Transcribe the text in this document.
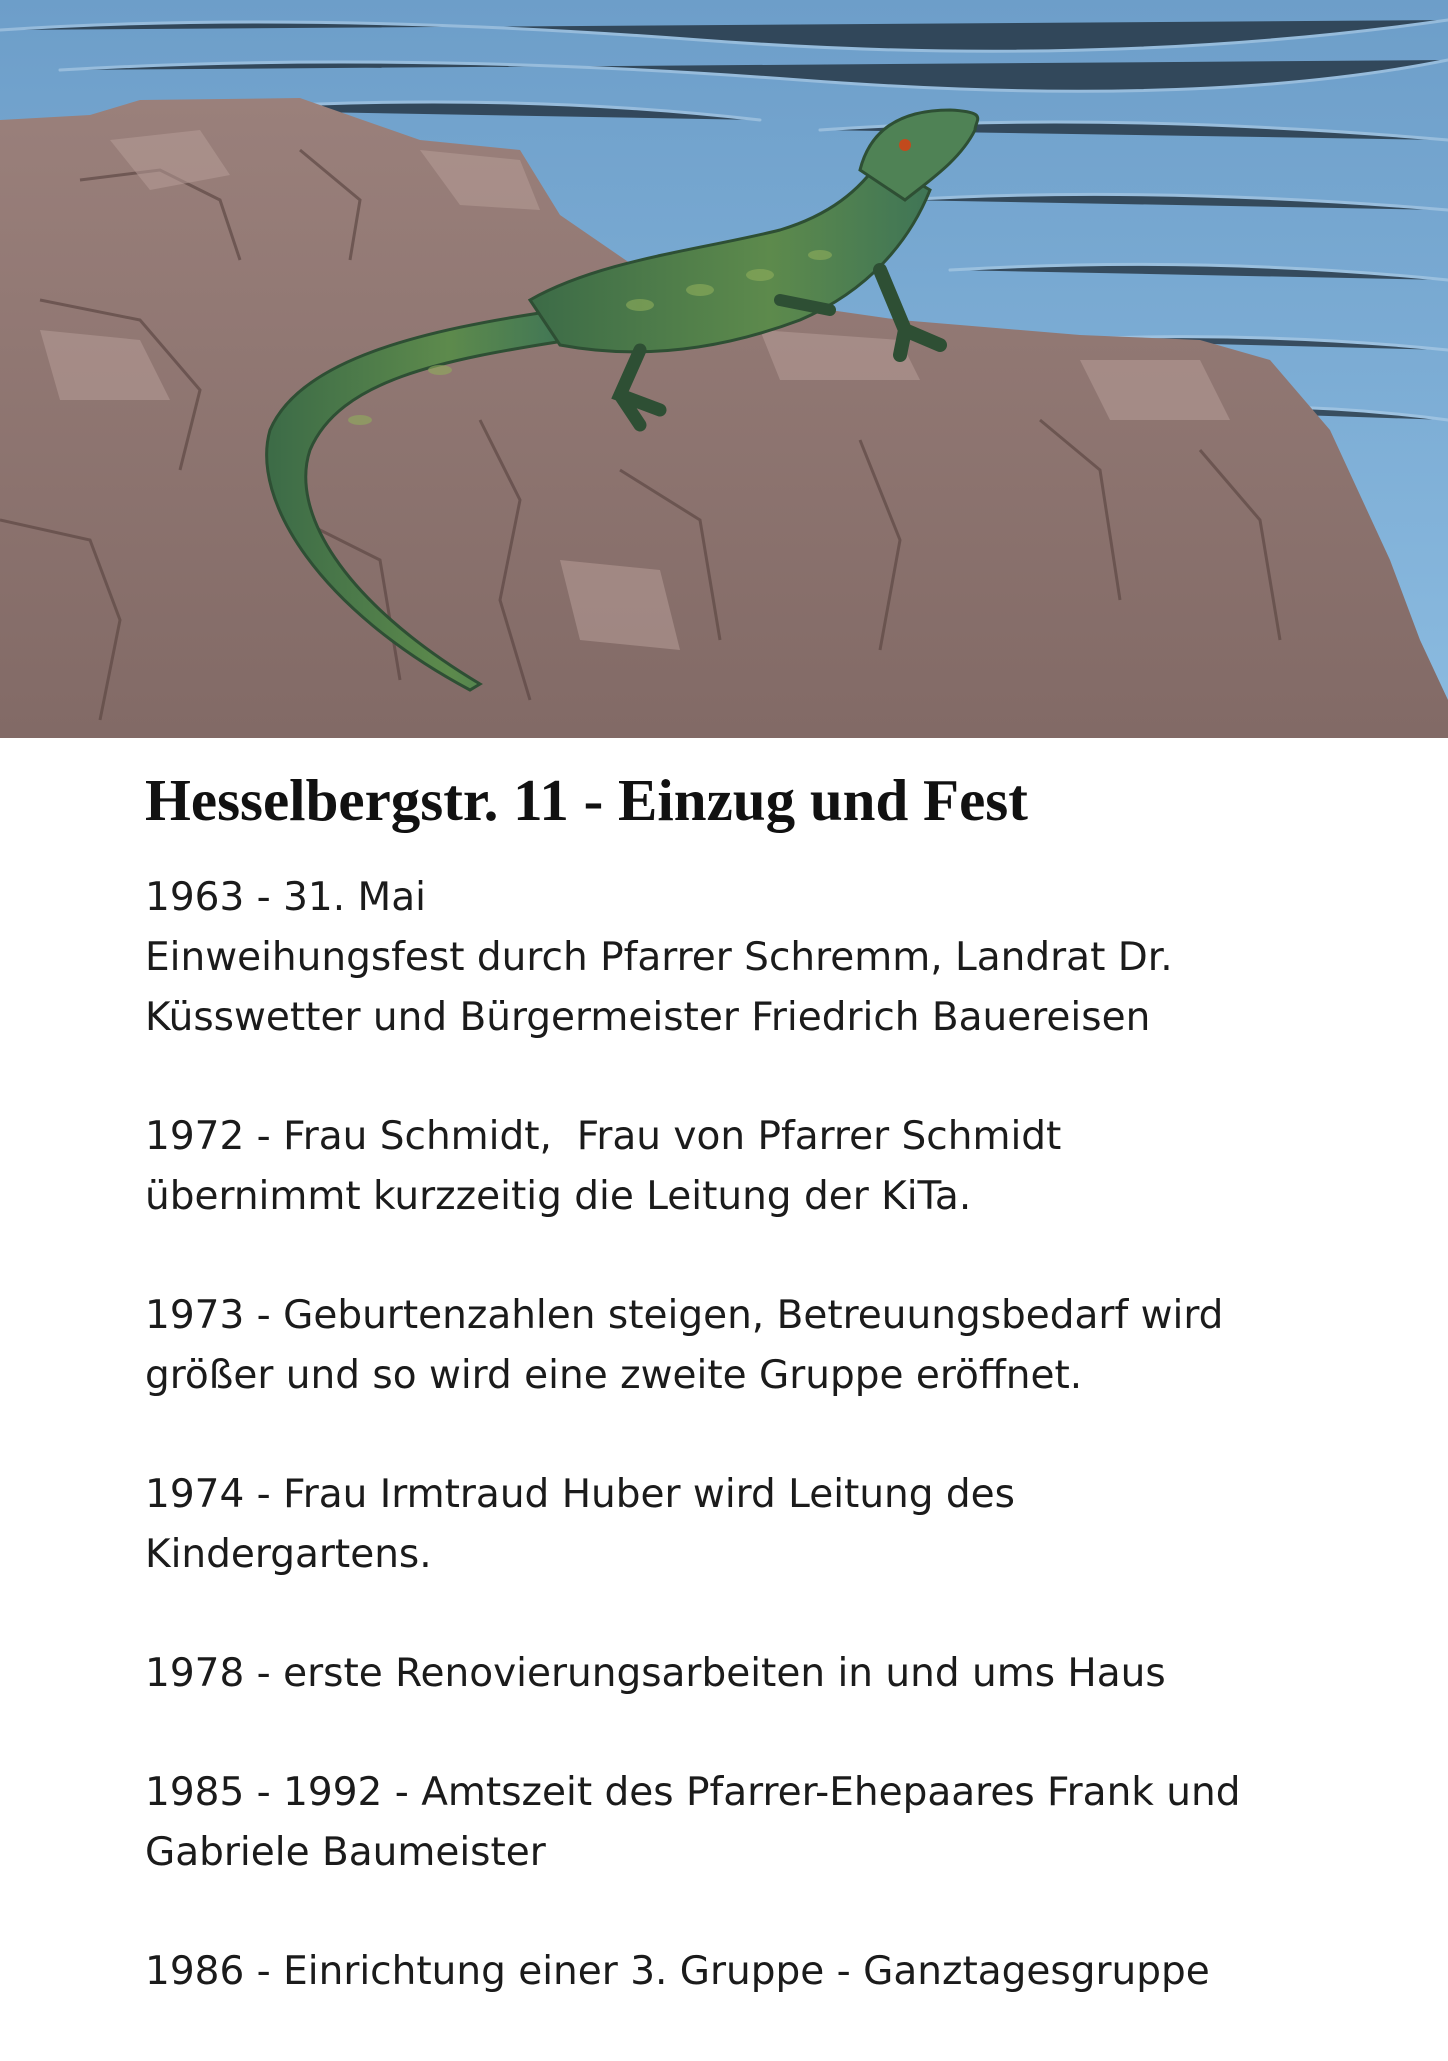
Hesselbergstr. 11 - Einzug und Fest
1963 - 31. Mai
Einweihungsfest durch Pfarrer Schremm, Landrat Dr.
Küsswetter und Bürgermeister Friedrich Bauereisen
1972 - Frau Schmidt,  Frau von Pfarrer Schmidt
übernimmt kurzzeitig die Leitung der KiTa.
1973 - Geburtenzahlen steigen, Betreuungsbedarf wird
größer und so wird eine zweite Gruppe eröffnet.
1974 - Frau Irmtraud Huber wird Leitung des
Kindergartens.
1978 - erste Renovierungsarbeiten in und ums Haus
1985 - 1992 - Amtszeit des Pfarrer-Ehepaares Frank und
Gabriele Baumeister
1986 - Einrichtung einer 3. Gruppe - Ganztagesgruppe
